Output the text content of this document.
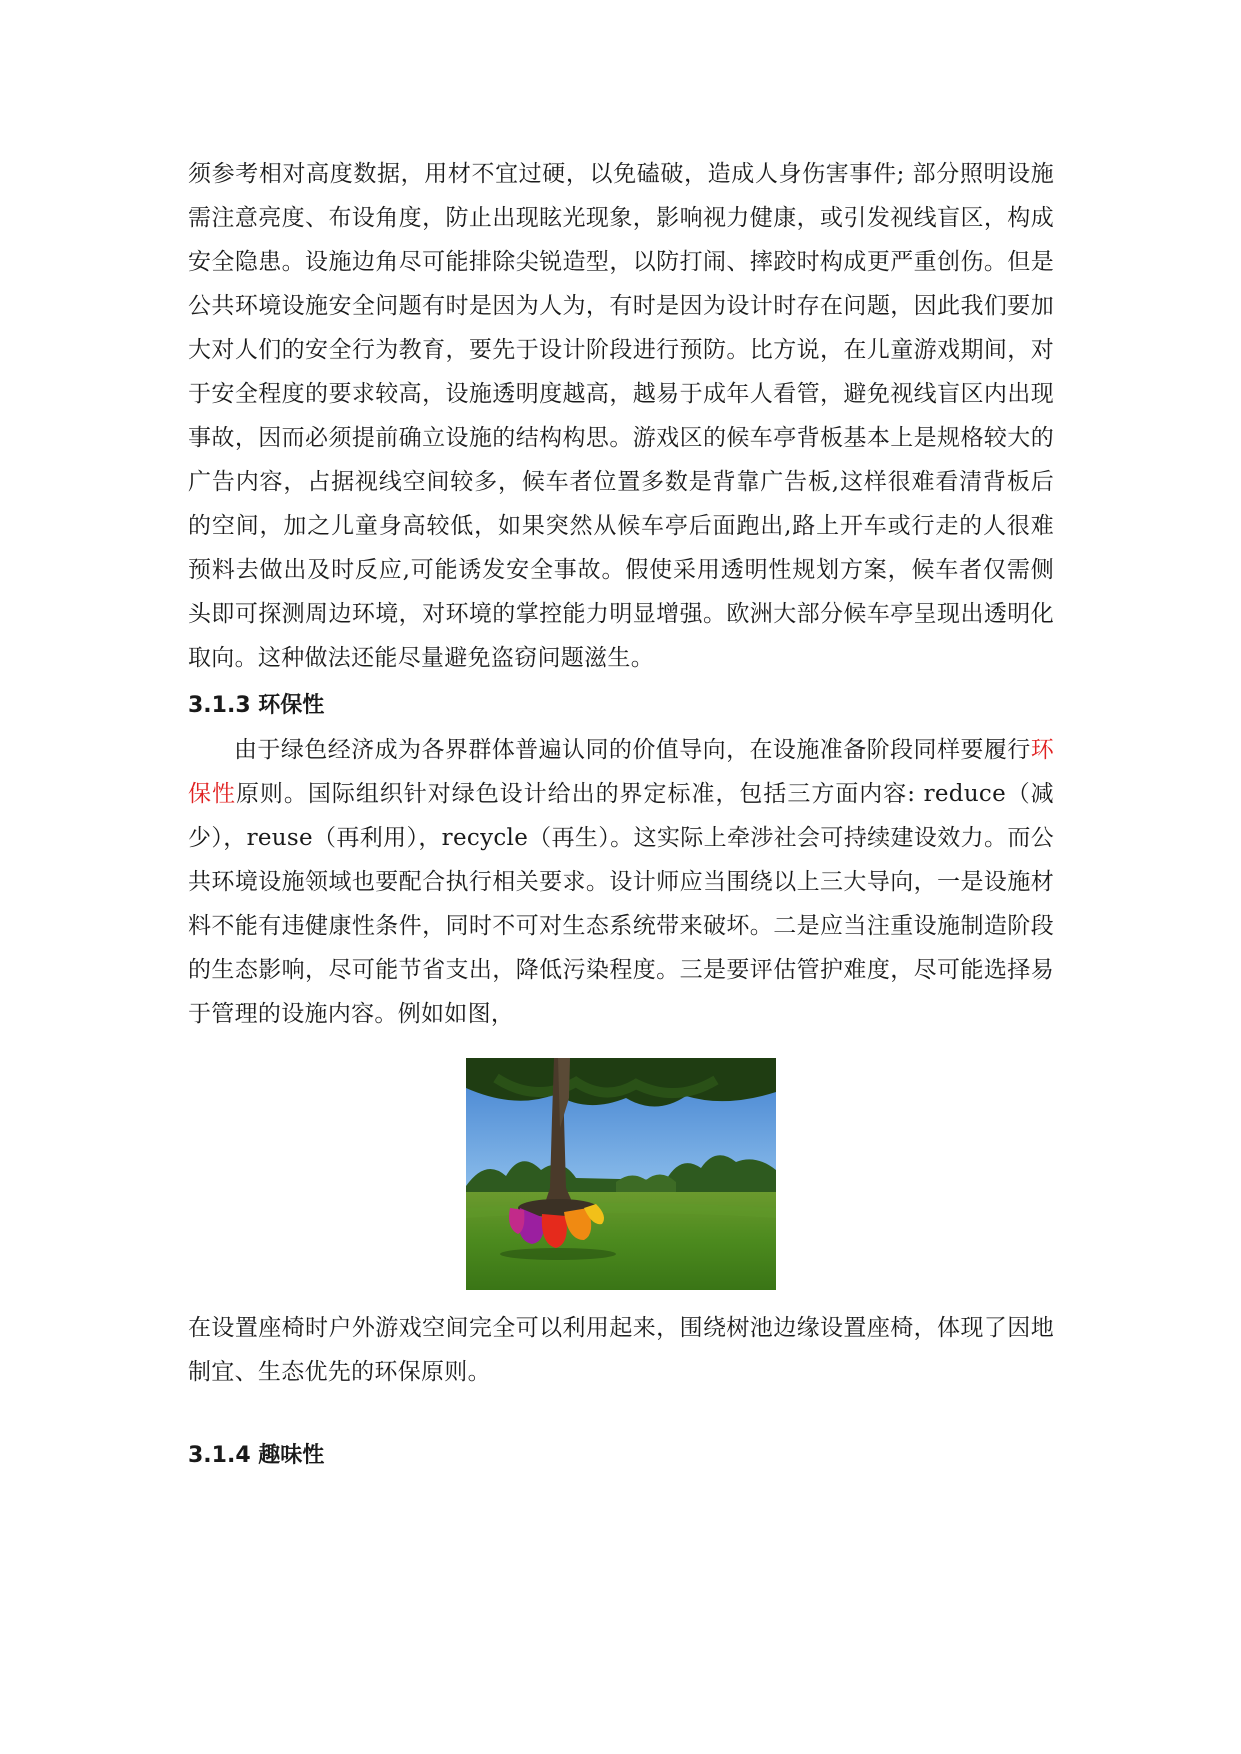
须参考相对高度数据，用材不宜过硬，以免磕破，造成人身伤害事件; 部分照明设施需注意亮度、布设角度，防止出现眩光现象，影响视力健康，或引发视线盲区，构成安全隐患。设施边角尽可能排除尖锐造型，以防打闹、摔跤时构成更严重创伤。但是公共环境设施安全问题有时是因为人为，有时是因为设计时存在问题，因此我们要加大对人们的安全行为教育，要先于设计阶段进行预防。比方说，在儿童游戏期间，对于安全程度的要求较高，设施透明度越高，越易于成年人看管，避免视线盲区内出现事故，因而必须提前确立设施的结构构思。游戏区的候车亭背板基本上是规格较大的广告内容，占据视线空间较多，候车者位置多数是背靠广告板,这样很难看清背板后的空间，加之儿童身高较低，如果突然从候车亭后面跑出,路上开车或行走的人很难预料去做出及时反应,可能诱发安全事故。假使采用透明性规划方案，候车者仅需侧头即可探测周边环境，对环境的掌控能力明显增强。欧洲大部分候车亭呈现出透明化取向。这种做法还能尽量避免盗窃问题滋生。

3.1.3 环保性

由于绿色经济成为各界群体普遍认同的价值导向，在设施准备阶段同样要履行环保性原则。国际组织针对绿色设计给出的界定标准，包括三方面内容: reduce（减少），reuse（再利用），recycle（再生）。这实际上牵涉社会可持续建设效力。而公共环境设施领域也要配合执行相关要求。设计师应当围绕以上三大导向，一是设施材料不能有违健康性条件，同时不可对生态系统带来破坏。二是应当注重设施制造阶段的生态影响，尽可能节省支出，降低污染程度。三是要评估管护难度，尽可能选择易于管理的设施内容。例如如图，

在设置座椅时户外游戏空间完全可以利用起来，围绕树池边缘设置座椅，体现了因地制宜、生态优先的环保原则。

3.1.4 趣味性
